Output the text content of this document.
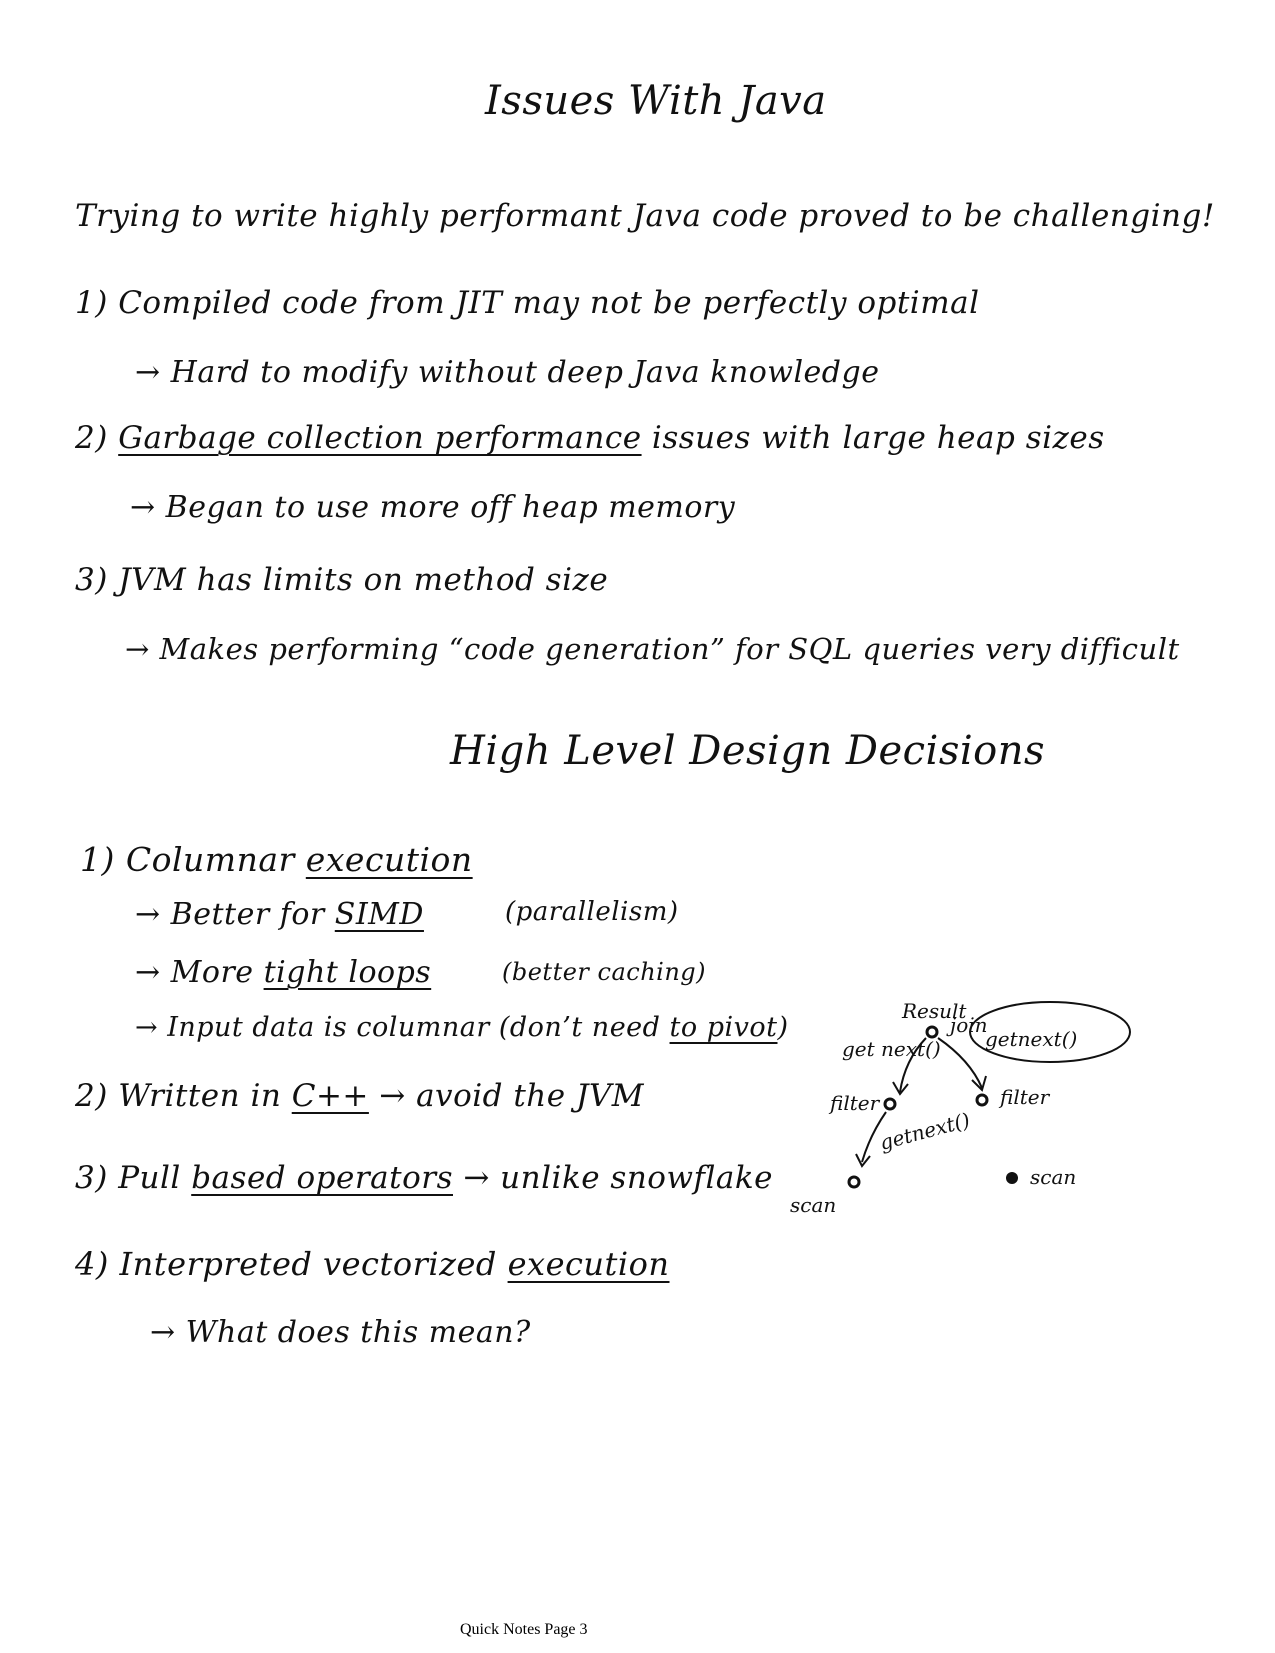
Issues With Java
Trying to write highly performant Java code proved to be challenging!
1) Compiled code from JIT may not be perfectly optimal
→ Hard to modify without deep Java knowledge
2) Garbage collection performance issues with large heap sizes
→ Began to use more off heap memory
3) JVM has limits on method size
→ Makes performing “code generation” for SQL queries very difficult
High Level Design Decisions
1) Columnar execution
→ Better for SIMD	(parallelism)
→ More tight loops	(better caching)
→ Input data is columnar (don’t need to pivot)
2) Written in C++ → avoid the JVM
3) Pull based operators → unlike snowflake
4) Interpreted vectorized execution
→ What does this mean?
Result
join
getnext()
get next()
filter	filter
getnext()
scan
scan
Quick Notes Page 3
